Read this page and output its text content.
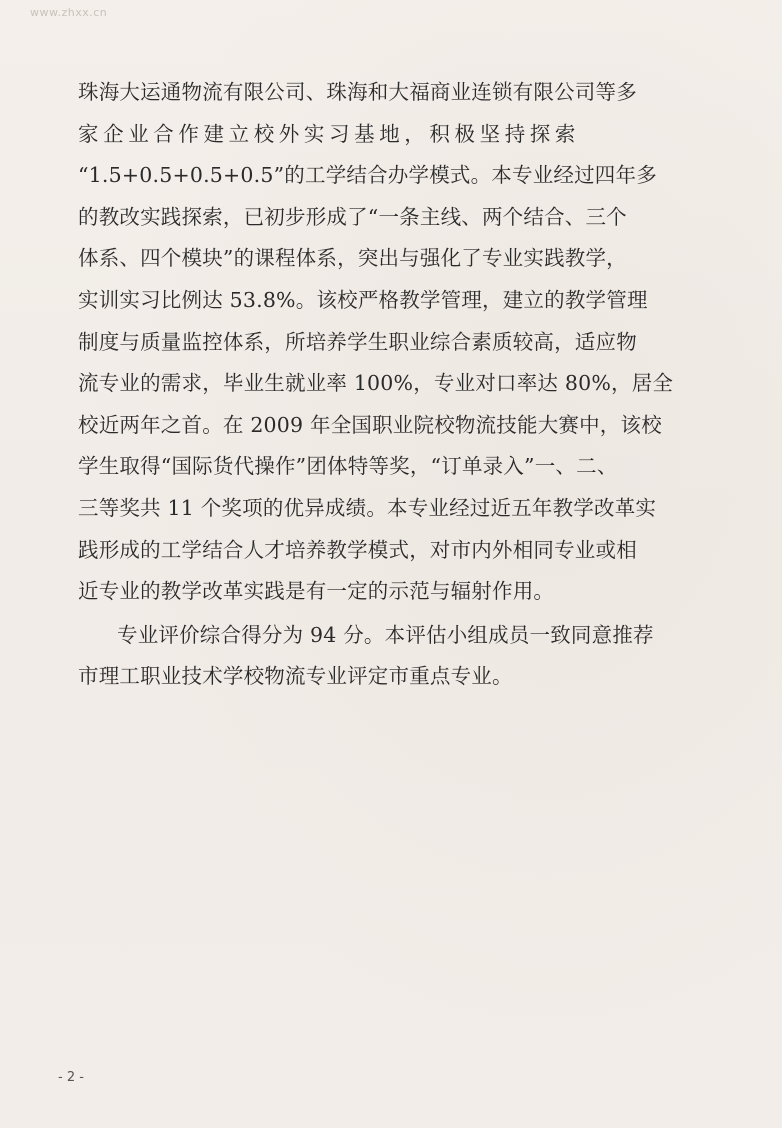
www.zhxx.cn

珠海大运通物流有限公司、珠海和大福商业连锁有限公司等多
家企业合作建立校外实习基地，积极坚持探索
“1.5+0.5+0.5+0.5”的工学结合办学模式。本专业经过四年多
的教改实践探索，已初步形成了“一条主线、两个结合、三个
体系、四个模块”的课程体系，突出与强化了专业实践教学，
实训实习比例达 53.8%。该校严格教学管理，建立的教学管理
制度与质量监控体系，所培养学生职业综合素质较高，适应物
流专业的需求，毕业生就业率 100%，专业对口率达 80%，居全
校近两年之首。在 2009 年全国职业院校物流技能大赛中，该校
学生取得“国际货代操作”团体特等奖，“订单录入”一、二、
三等奖共 11 个奖项的优异成绩。本专业经过近五年教学改革实
践形成的工学结合人才培养教学模式，对市内外相同专业或相
近专业的教学改革实践是有一定的示范与辐射作用。
专业评价综合得分为 94 分。本评估小组成员一致同意推荐
市理工职业技术学校物流专业评定市重点专业。
- 2 -
